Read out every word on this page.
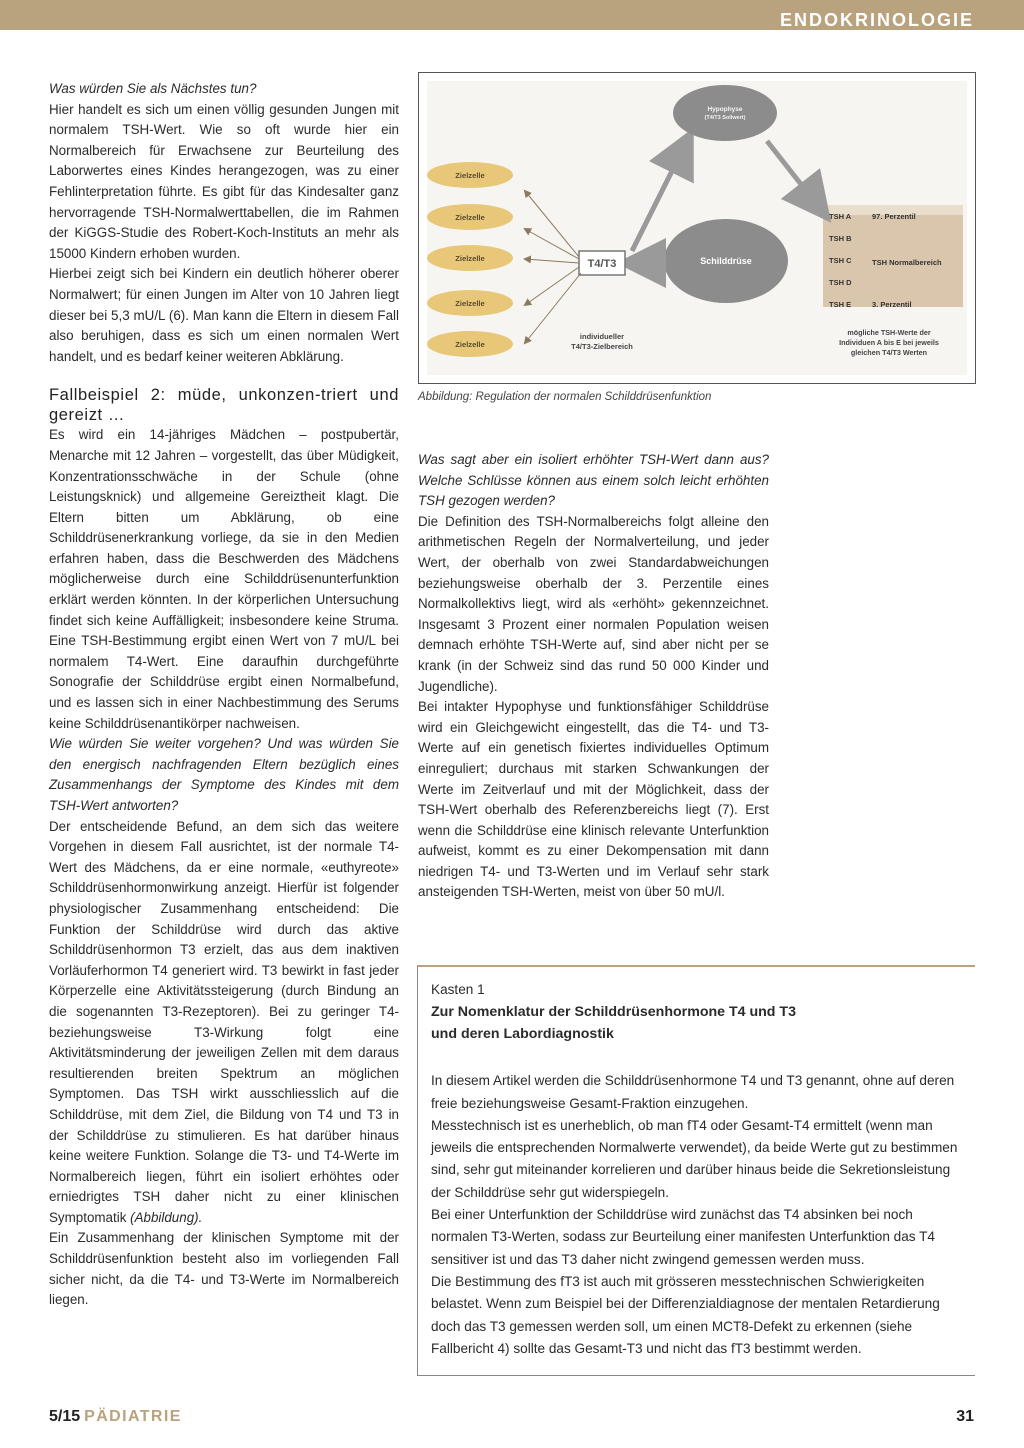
ENDOKRINOLOGIE

Was würden Sie als Nächstes tun?

Hier handelt es sich um einen völlig gesunden Jungen mit normalem TSH-Wert. Wie so oft wurde hier ein Normalbereich für Erwachsene zur Beurteilung des Laborwertes eines Kindes herangezogen, was zu einer Fehlinterpretation führte. Es gibt für das Kindesalter ganz hervorragende TSH-Normalwerttabellen, die im Rahmen der KiGGS-Studie des Robert-Koch-Instituts an mehr als 15000 Kindern erhoben wurden.

Hierbei zeigt sich bei Kindern ein deutlich höherer oberer Normalwert; für einen Jungen im Alter von 10 Jahren liegt dieser bei 5,3 mU/L (6). Man kann die Eltern in diesem Fall also beruhigen, dass es sich um einen normalen Wert handelt, und es bedarf keiner weiteren Abklärung.

Fallbeispiel 2: müde, unkonzen-triert und gereizt …

Es wird ein 14-jähriges Mädchen – postpubertär, Menarche mit 12 Jahren – vorgestellt, das über Müdigkeit, Konzentrationsschwäche in der Schule (ohne Leistungsknick) und allgemeine Gereiztheit klagt. Die Eltern bitten um Abklärung, ob eine Schilddrüsenerkrankung vorliege, da sie in den Medien erfahren haben, dass die Beschwerden des Mädchens möglicherweise durch eine Schilddrüsenunterfunktion erklärt werden könnten. In der körperlichen Untersuchung findet sich keine Auffälligkeit; insbesondere keine Struma. Eine TSH-Bestimmung ergibt einen Wert von 7 mU/L bei normalem T4-Wert. Eine daraufhin durchgeführte Sonografie der Schilddrüse ergibt einen Normalbefund, und es lassen sich in einer Nachbestimmung des Serums keine Schilddrüsenantikörper nachweisen.

Wie würden Sie weiter vorgehen? Und was würden Sie den energisch nachfragenden Eltern bezüglich eines Zusammenhangs der Symptome des Kindes mit dem TSH-Wert antworten?

Der entscheidende Befund, an dem sich das weitere Vorgehen in diesem Fall ausrichtet, ist der normale T4-Wert des Mädchens, da er eine normale, «euthyreote» Schilddrüsenhormonwirkung anzeigt. Hierfür ist folgender physiologischer Zusammenhang entscheidend: Die Funktion der Schilddrüse wird durch das aktive Schilddrüsenhormon T3 erzielt, das aus dem inaktiven Vorläuferhormon T4 generiert wird. T3 bewirkt in fast jeder Körperzelle eine Aktivitätssteigerung (durch Bindung an die sogenannten T3-Rezeptoren). Bei zu geringer T4- beziehungsweise T3-Wirkung folgt eine Aktivitätsminderung der jeweiligen Zellen mit dem daraus resultierenden breiten Spektrum an möglichen Symptomen. Das TSH wirkt ausschliesslich auf die Schilddrüse, mit dem Ziel, die Bildung von T4 und T3 in der Schilddrüse zu stimulieren. Es hat darüber hinaus keine weitere Funktion. Solange die T3- und T4-Werte im Normalbereich liegen, führt ein isoliert erhöhtes oder erniedrigtes TSH daher nicht zu einer klinischen Symptomatik (Abbildung).

Ein Zusammenhang der klinischen Symptome mit der Schilddrüsenfunktion besteht also im vorliegenden Fall sicher nicht, da die T4- und T3-Werte im Normalbereich liegen.

Hypophyse
(T4/T3 Sollwert)
Schilddrüse
T4/T3
Zielzelle
Zielzelle
Zielzelle
Zielzelle
Zielzelle
individueller
T4/T3-Zielbereich
TSH A	97. Perzentil
TSH B
TSH C	TSH Normalbereich
TSH D
TSH E	3. Perzentil
mögliche TSH-Werte der
Individuen A bis E bei jeweils
gleichen T4/T3 Werten
Abbildung: Regulation der normalen Schilddrüsenfunktion

Was sagt aber ein isoliert erhöhter TSH-Wert dann aus? Welche Schlüsse können aus einem solch leicht erhöhten TSH gezogen werden?

Die Definition des TSH-Normalbereichs folgt alleine den arithmetischen Regeln der Normalverteilung, und jeder Wert, der oberhalb von zwei Standardabweichungen beziehungsweise oberhalb der 3. Perzentile eines Normalkollektivs liegt, wird als «erhöht» gekennzeichnet. Insgesamt 3 Prozent einer normalen Population weisen demnach erhöhte TSH-Werte auf, sind aber nicht per se krank (in der Schweiz sind das rund 50 000 Kinder und Jugendliche).

Bei intakter Hypophyse und funktionsfähiger Schilddrüse wird ein Gleichgewicht eingestellt, das die T4- und T3-Werte auf ein genetisch fixiertes individuelles Optimum einreguliert; durchaus mit starken Schwankungen der Werte im Zeitverlauf und mit der Möglichkeit, dass der TSH-Wert oberhalb des Referenzbereichs liegt (7). Erst wenn die Schilddrüse eine klinisch relevante Unterfunktion aufweist, kommt es zu einer Dekompensation mit dann niedrigen T4- und T3-Werten und im Verlauf sehr stark ansteigenden TSH-Werten, meist von über 50 mU/l.

Kasten 1

Zur Nomenklatur der Schilddrüsenhormone T4 und T3
und deren Labordiagnostik

In diesem Artikel werden die Schilddrüsenhormone T4 und T3 genannt, ohne auf deren freie beziehungsweise Gesamt-Fraktion einzugehen.

Messtechnisch ist es unerheblich, ob man fT4 oder Gesamt-T4 ermittelt (wenn man jeweils die entsprechenden Normalwerte verwendet), da beide Werte gut zu bestimmen sind, sehr gut miteinander korrelieren und darüber hinaus beide die Sekretionsleistung der Schilddrüse sehr gut widerspiegeln.

Bei einer Unterfunktion der Schilddrüse wird zunächst das T4 absinken bei noch normalen T3-Werten, sodass zur Beurteilung einer manifesten Unterfunktion das T4 sensitiver ist und das T3 daher nicht zwingend gemessen werden muss.

Die Bestimmung des fT3 ist auch mit grösseren messtechnischen Schwierigkeiten belastet. Wenn zum Beispiel bei der Differenzialdiagnose der mentalen Retardierung doch das T3 gemessen werden soll, um einen MCT8-Defekt zu erkennen (siehe Fallbericht 4) sollte das Gesamt-T3 und nicht das fT3 bestimmt werden.

5/15 PÄDIATRIE	31
